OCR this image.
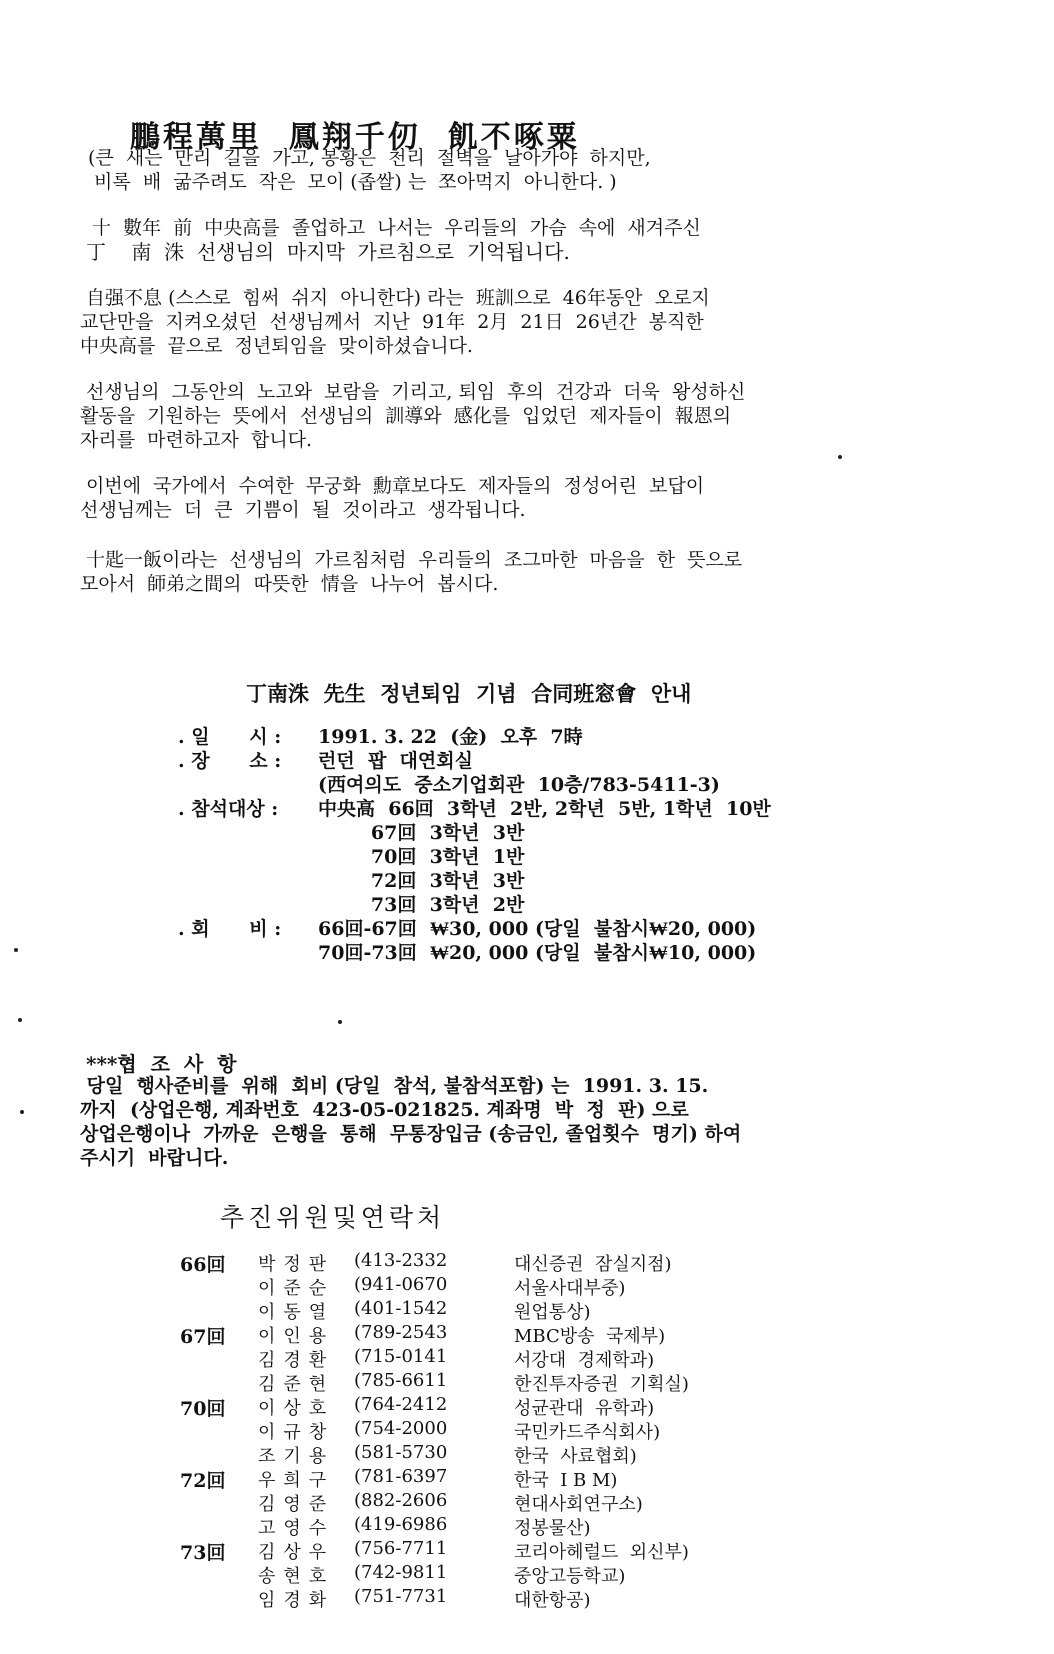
鵬程萬里  鳳翔千仞  飢不啄粟

(큰  새는  만리  길을  가고, 봉황은  천리  절벽을  날아가야  하지만,
비록  배  굶주려도  작은  모이 (좁쌀) 는  쪼아먹지  아니한다. )

十  數年  前  中央高를  졸업하고  나서는  우리들의  가슴  속에  새겨주신
丁    南  洙  선생님의  마지막  가르침으로  기억됩니다.

自强不息 (스스로  힘써  쉬지  아니한다) 라는  班訓으로  46年동안  오로지
교단만을  지켜오셨던  선생님께서  지난  91年  2月  21日  26년간  봉직한
中央高를  끝으로  정년퇴임을  맞이하셨습니다.

선생님의  그동안의  노고와  보람을  기리고, 퇴임  후의  건강과  더욱  왕성하신
활동을  기원하는  뜻에서  선생님의  訓導와  感化를  입었던  제자들이  報恩의
자리를  마련하고자  합니다.

이번에  국가에서  수여한  무궁화  勳章보다도  제자들의  정성어린  보답이
선생님께는  더  큰  기쁨이  될  것이라고  생각됩니다.

十匙一飯이라는  선생님의  가르침처럼  우리들의  조그마한  마음을  한  뜻으로
모아서  師弟之間의  따뜻한  情을  나누어  봅시다.

丁南洙  先生  정년퇴임  기념  合同班窓會  안내
. 일      시 :	1991. 3. 22  (金)  오후  7時
. 장      소 :	런던  팝  대연회실
(西여의도  중소기업회관  10층/783-5411-3)
. 참석대상 :	中央高  66回  3학년  2반, 2학년  5반, 1학년  10반
67回  3학년  3반
70回  3학년  1반
72回  3학년  3반
73回  3학년  2반
. 회      비 :	66回-67回  ₩30, 000 (당일  불참시₩20, 000)
70回-73回  ₩20, 000 (당일  불참시₩10, 000)
***협  조  사  항

당일  행사준비를  위해  회비 (당일  참석, 불참석포함) 는  1991. 3. 15.
까지  (상업은행, 계좌번호  423-05-021825. 계좌명  박  정  판) 으로
상업은행이나  가까운  은행을  통해  무통장입금 (송금인, 졸업횟수  명기) 하여
주시기  바랍니다.

추진위원및연락처
66回	박정판	(413-2332	대신증권  잠실지점)
이준순	(941-0670	서울사대부중)
이동열	(401-1542	원업통상)
67回	이인용	(789-2543	MBC방송  국제부)
김경환	(715-0141	서강대  경제학과)
김준현	(785-6611	한진투자증권  기획실)
70回	이상호	(764-2412	성균관대  유학과)
이규창	(754-2000	국민카드주식회사)
조기용	(581-5730	한국  사료협회)
72回	우희구	(781-6397	한국  I B M)
김영준	(882-2606	현대사회연구소)
고영수	(419-6986	정봉물산)
73回	김상우	(756-7711	코리아헤럴드  외신부)
송현호	(742-9811	중앙고등학교)
임경화	(751-7731	대한항공)
